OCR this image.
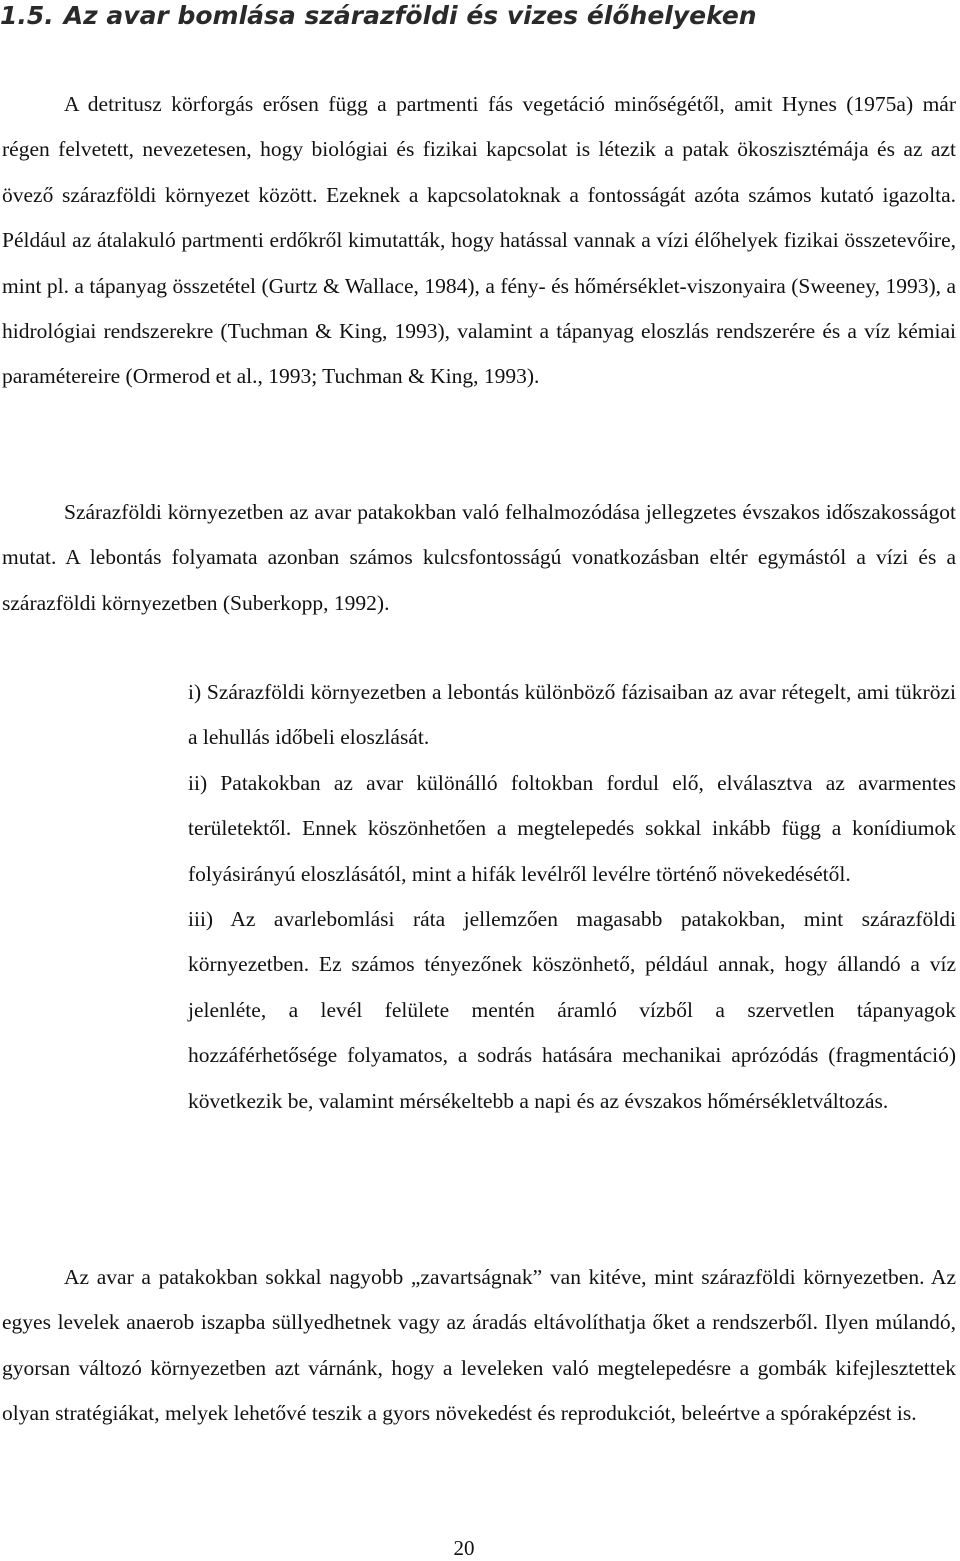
1.5. Az avar bomlása szárazföldi és vizes élőhelyeken

A detritusz körforgás erősen függ a partmenti fás vegetáció minőségétől, amit Hynes (1975a) már régen felvetett, nevezetesen, hogy biológiai és fizikai kapcsolat is létezik a patak ökoszisztémája és az azt övező szárazföldi környezet között. Ezeknek a kapcsolatoknak a fontosságát azóta számos kutató igazolta. Például az átalakuló partmenti erdőkről kimutatták, hogy hatással vannak a vízi élőhelyek fizikai összetevőire, mint pl. a tápanyag összetétel (Gurtz & Wallace, 1984), a fény- és hőmérséklet-viszonyaira (Sweeney, 1993), a hidrológiai rendszerekre (Tuchman & King, 1993), valamint a tápanyag eloszlás rendszerére és a víz kémiai paramétereire (Ormerod et al., 1993; Tuchman & King, 1993).

Szárazföldi környezetben az avar patakokban való felhalmozódása jellegzetes évszakos időszakosságot mutat. A lebontás folyamata azonban számos kulcsfontosságú vonatkozásban eltér egymástól a vízi és a szárazföldi környezetben (Suberkopp, 1992).

i) Szárazföldi környezetben a lebontás különböző fázisaiban az avar rétegelt, ami tükrözi a lehullás időbeli eloszlását.

ii) Patakokban az avar különálló foltokban fordul elő, elválasztva az avarmentes területektől. Ennek köszönhetően a megtelepedés sokkal inkább függ a konídiumok folyásirányú eloszlásától, mint a hifák levélről levélre történő növekedésétől.

iii) Az avarlebomlási ráta jellemzően magasabb patakokban, mint szárazföldi környezetben. Ez számos tényezőnek köszönhető, például annak, hogy állandó a víz jelenléte, a levél felülete mentén áramló vízből a szervetlen tápanyagok hozzáférhetősége folyamatos, a sodrás hatására mechanikai aprózódás (fragmentáció) következik be, valamint mérsékeltebb a napi és az évszakos hőmérsékletváltozás.

Az avar a patakokban sokkal nagyobb „zavartságnak” van kitéve, mint szárazföldi környezetben. Az egyes levelek anaerob iszapba süllyedhetnek vagy az áradás eltávolíthatja őket a rendszerből. Ilyen múlandó, gyorsan változó környezetben azt várnánk, hogy a leveleken való megtelepedésre a gombák kifejlesztettek olyan stratégiákat, melyek lehetővé teszik a gyors növekedést és reprodukciót, beleértve a spóraképzést is.

20
